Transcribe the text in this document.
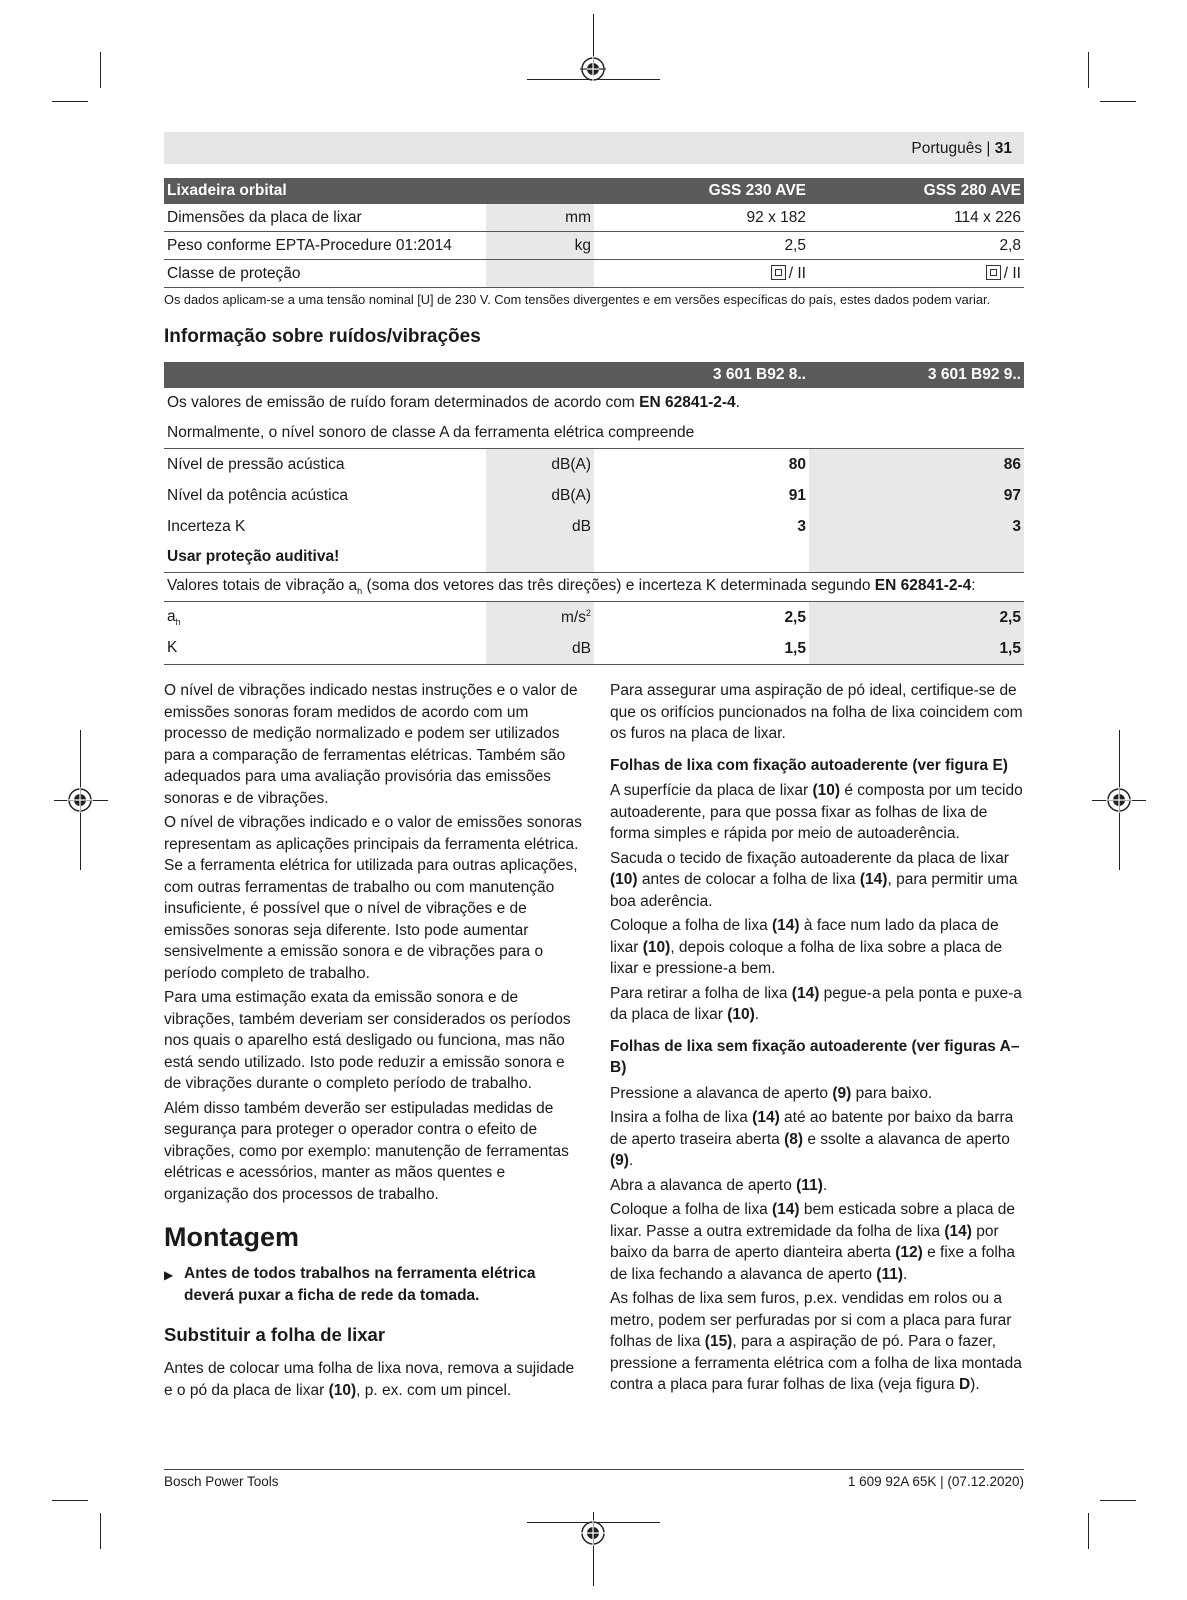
Português | 31
Lixadeira orbital		GSS 230 AVE	GSS 280 AVE
Dimensões da placa de lixar	mm	92 x 182	114 x 226
Peso conforme EPTA-Procedure 01:2014	kg	2,5	2,8
Classe de proteção		/ II	/ II
Os dados aplicam-se a uma tensão nominal [U] de 230 V. Com tensões divergentes e em versões específicas do país, estes dados podem variar.
Informação sobre ruídos/vibrações
		3 601 B92 8..	3 601 B92 9..
Os valores de emissão de ruído foram determinados de acordo com EN 62841-2-4.			
Normalmente, o nível sonoro de classe A da ferramenta elétrica compreende			
Nível de pressão acústica	dB(A)	80	86
Nível da potência acústica	dB(A)	91	97
Incerteza K	dB	3	3
Usar proteção auditiva!			
Valores totais de vibração $a_h$ (soma dos vetores das três direções) e incerteza K determinada segundo EN 62841-2-4:			
$a_h$	$m/s^2$	2,5	2,5
K	dB	1,5	1,5

O nível de vibrações indicado nestas instruções e o valor de emissões sonoras foram medidos de acordo com um processo de medição normalizado e podem ser utilizados para a comparação de ferramentas elétricas. Também são adequados para uma avaliação provisória das emissões sonoras e de vibrações.

O nível de vibrações indicado e o valor de emissões sonoras representam as aplicações principais da ferramenta elétrica. Se a ferramenta elétrica for utilizada para outras aplicações, com outras ferramentas de trabalho ou com manutenção insuficiente, é possível que o nível de vibrações e de emissões sonoras seja diferente. Isto pode aumentar sensivelmente a emissão sonora e de vibrações para o período completo de trabalho.

Para uma estimação exata da emissão sonora e de vibrações, também deveriam ser considerados os períodos nos quais o aparelho está desligado ou funciona, mas não está sendo utilizado. Isto pode reduzir a emissão sonora e de vibrações durante o completo período de trabalho.

Além disso também deverão ser estipuladas medidas de segurança para proteger o operador contra o efeito de vibrações, como por exemplo: manutenção de ferramentas elétricas e acessórios, manter as mãos quentes e organização dos processos de trabalho.

Montagem
▶ Antes de todos trabalhos na ferramenta elétrica deverá puxar a ficha de rede da tomada.
Substituir a folha de lixar

Antes de colocar uma folha de lixa nova, remova a sujidade e o pó da placa de lixar (10), p. ex. com um pincel.

Para assegurar uma aspiração de pó ideal, certifique-se de que os orifícios puncionados na folha de lixa coincidem com os furos na placa de lixar.

Folhas de lixa com fixação autoaderente (ver figura E)

A superfície da placa de lixar (10) é composta por um tecido autoaderente, para que possa fixar as folhas de lixa de forma simples e rápida por meio de autoaderência.

Sacuda o tecido de fixação autoaderente da placa de lixar (10) antes de colocar a folha de lixa (14), para permitir uma boa aderência.

Coloque a folha de lixa (14) à face num lado da placa de lixar (10), depois coloque a folha de lixa sobre a placa de lixar e pressione-a bem.

Para retirar a folha de lixa (14) pegue-a pela ponta e puxe-a da placa de lixar (10).

Folhas de lixa sem fixação autoaderente (ver figuras A–B)

Pressione a alavanca de aperto (9) para baixo.

Insira a folha de lixa (14) até ao batente por baixo da barra de aperto traseira aberta (8) e ssolte a alavanca de aperto (9).

Abra a alavanca de aperto (11).

Coloque a folha de lixa (14) bem esticada sobre a placa de lixar. Passe a outra extremidade da folha de lixa (14) por baixo da barra de aperto dianteira aberta (12) e fixe a folha de lixa fechando a alavanca de aperto (11).

As folhas de lixa sem furos, p.ex. vendidas em rolos ou a metro, podem ser perfuradas por si com a placa para furar folhas de lixa (15), para a aspiração de pó. Para o fazer, pressione a ferramenta elétrica com a folha de lixa montada contra a placa para furar folhas de lixa (veja figura D).

Bosch Power Tools	1 609 92A 65K | (07.12.2020)
